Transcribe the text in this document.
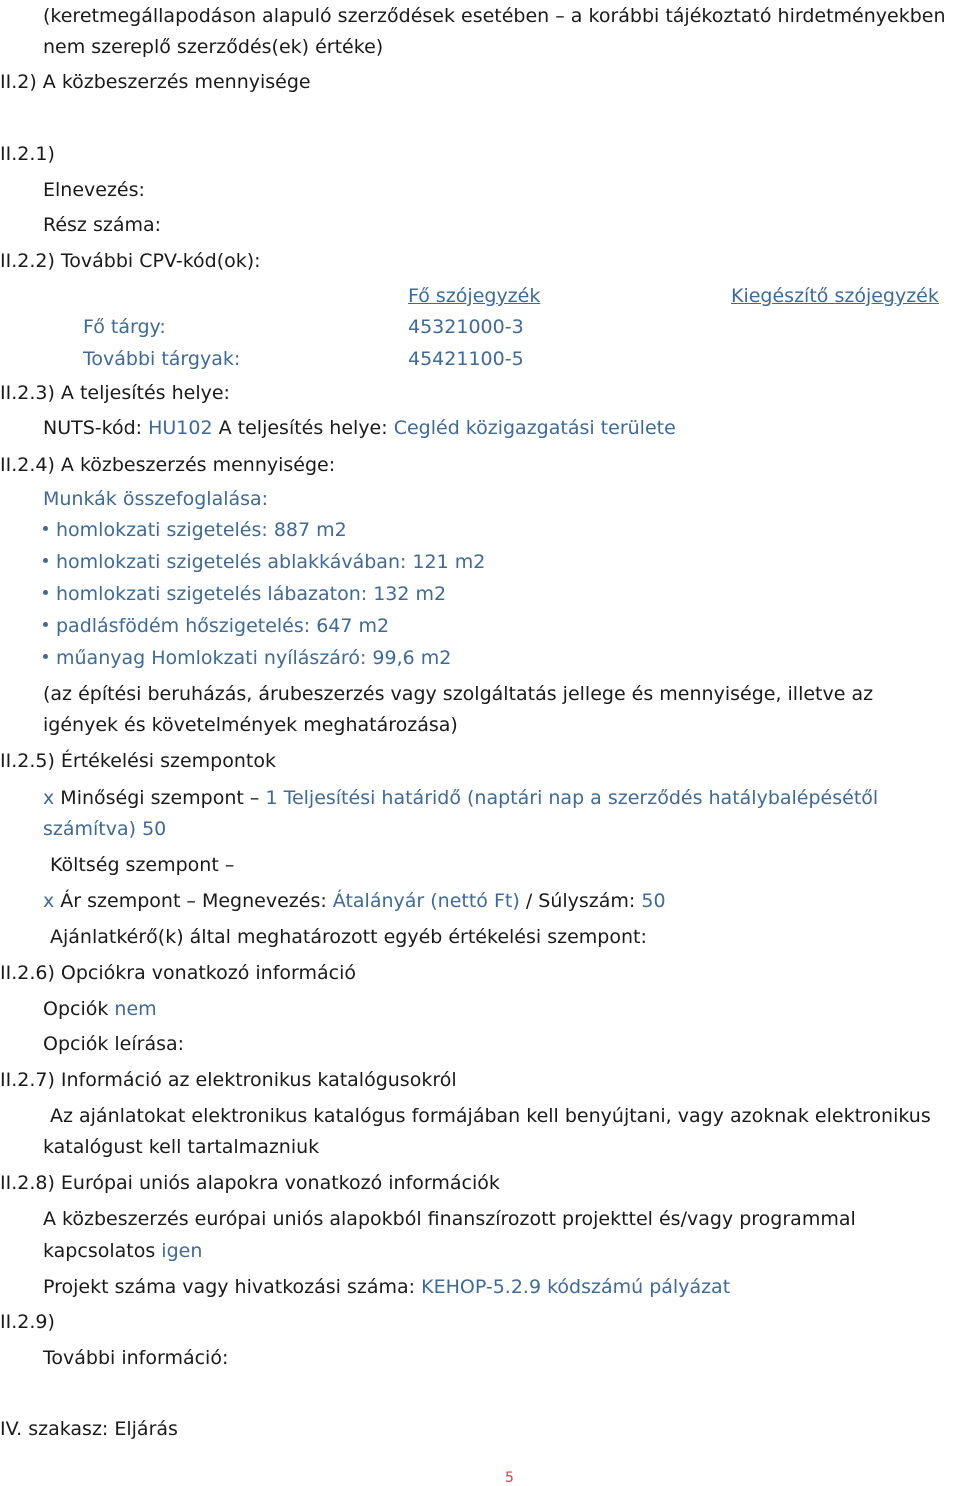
(keretmegállapodáson alapuló szerződések esetében – a korábbi tájékoztató hirdetményekben
nem szereplő szerződés(ek) értéke)
II.2) A közbeszerzés mennyisége
II.2.1)
Elnevezés:
Rész száma:
II.2.2) További CPV-kód(ok):
Fő szójegyzék	Kiegészítő szójegyzék
Fő tárgy:	45321000-3
További tárgyak:	45421100-5
II.2.3) A teljesítés helye:
NUTS-kód: HU102 A teljesítés helye: Cegléd közigazgatási területe
II.2.4) A közbeszerzés mennyisége:
Munkák összefoglalása:
homlokzati szigetelés: 887 m2
homlokzati szigetelés ablakkávában: 121 m2
homlokzati szigetelés lábazaton: 132 m2
padlásfödém hőszigetelés: 647 m2
műanyag Homlokzati nyílászáró: 99,6 m2
(az építési beruházás, árubeszerzés vagy szolgáltatás jellege és mennyisége, illetve az
igények és követelmények meghatározása)
II.2.5) Értékelési szempontok
x Minőségi szempont – 1 Teljesítési határidő (naptári nap a szerződés hatálybalépésétől
számítva) 50
Költség szempont –
x Ár szempont – Megnevezés: Átalányár (nettó Ft) / Súlyszám: 50
Ajánlatkérő(k) által meghatározott egyéb értékelési szempont:
II.2.6) Opciókra vonatkozó információ
Opciók nem
Opciók leírása:
II.2.7) Információ az elektronikus katalógusokról
Az ajánlatokat elektronikus katalógus formájában kell benyújtani, vagy azoknak elektronikus
katalógust kell tartalmazniuk
II.2.8) Európai uniós alapokra vonatkozó információk
A közbeszerzés európai uniós alapokból finanszírozott projekttel és/vagy programmal
kapcsolatos igen
Projekt száma vagy hivatkozási száma: KEHOP-5.2.9 kódszámú pályázat
II.2.9)
További információ:
IV. szakasz: Eljárás
5
